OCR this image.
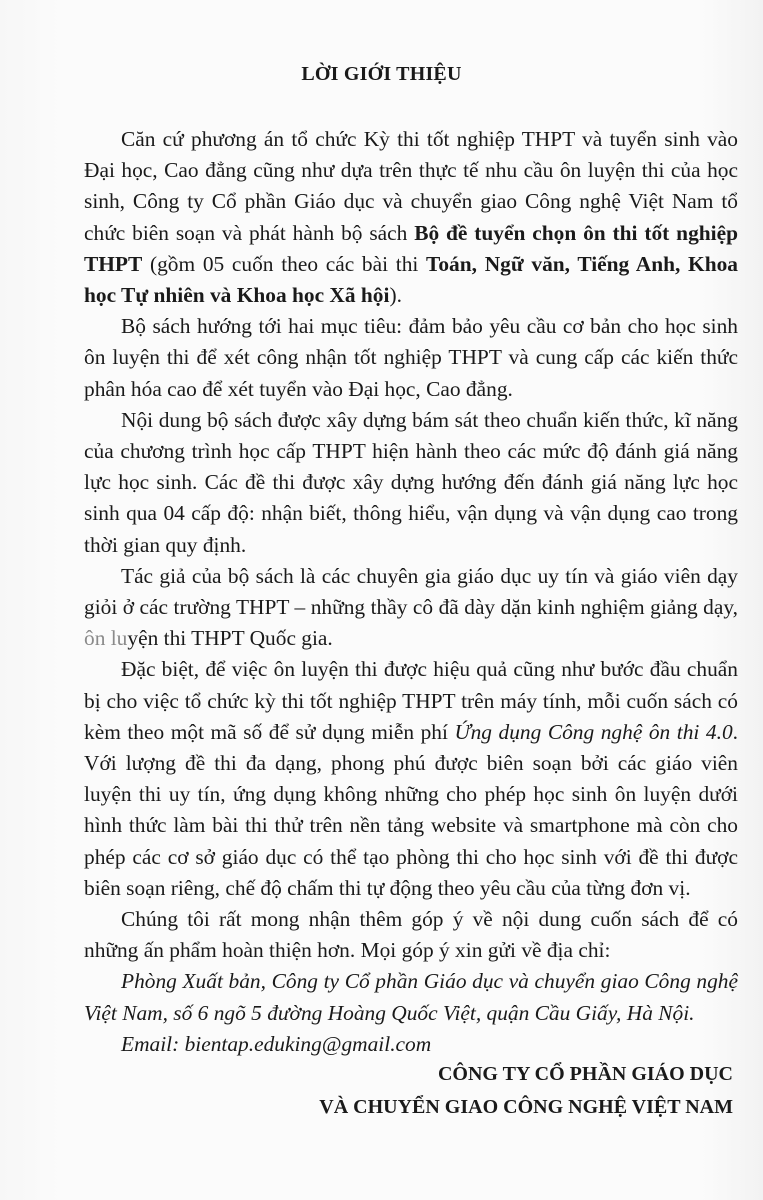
LỜI GIỚI THIỆU

Căn cứ phương án tổ chức Kỳ thi tốt nghiệp THPT và tuyển sinh vào Đại học, Cao đẳng cũng như dựa trên thực tế nhu cầu ôn luyện thi của học sinh, Công ty Cổ phần Giáo dục và chuyển giao Công nghệ Việt Nam tổ chức biên soạn và phát hành bộ sách Bộ đề tuyển chọn ôn thi tốt nghiệp THPT (gồm 05 cuốn theo các bài thi Toán, Ngữ văn, Tiếng Anh, Khoa học Tự nhiên và Khoa học Xã hội).

Bộ sách hướng tới hai mục tiêu: đảm bảo yêu cầu cơ bản cho học sinh ôn luyện thi để xét công nhận tốt nghiệp THPT và cung cấp các kiến thức phân hóa cao để xét tuyển vào Đại học, Cao đẳng.

Nội dung bộ sách được xây dựng bám sát theo chuẩn kiến thức, kĩ năng của chương trình học cấp THPT hiện hành theo các mức độ đánh giá năng lực học sinh. Các đề thi được xây dựng hướng đến đánh giá năng lực học sinh qua 04 cấp độ: nhận biết, thông hiểu, vận dụng và vận dụng cao trong thời gian quy định.

Tác giả của bộ sách là các chuyên gia giáo dục uy tín và giáo viên dạy giỏi ở các trường THPT – những thầy cô đã dày dặn kinh nghiệm giảng dạy, ôn luyện thi THPT Quốc gia.

Đặc biệt, để việc ôn luyện thi được hiệu quả cũng như bước đầu chuẩn bị cho việc tổ chức kỳ thi tốt nghiệp THPT trên máy tính, mỗi cuốn sách có kèm theo một mã số để sử dụng miễn phí Ứng dụng Công nghệ ôn thi 4.0. Với lượng đề thi đa dạng, phong phú được biên soạn bởi các giáo viên luyện thi uy tín, ứng dụng không những cho phép học sinh ôn luyện dưới hình thức làm bài thi thử trên nền tảng website và smartphone mà còn cho phép các cơ sở giáo dục có thể tạo phòng thi cho học sinh với đề thi được biên soạn riêng, chế độ chấm thi tự động theo yêu cầu của từng đơn vị.

Chúng tôi rất mong nhận thêm góp ý về nội dung cuốn sách để có những ấn phẩm hoàn thiện hơn. Mọi góp ý xin gửi về địa chỉ:

Phòng Xuất bản, Công ty Cổ phần Giáo dục và chuyển giao Công nghệ Việt Nam, số 6 ngõ 5 đường Hoàng Quốc Việt, quận Cầu Giấy, Hà Nội.

Email: bientap.eduking@gmail.com

CÔNG TY CỔ PHẦN GIÁO DỤC
VÀ CHUYỂN GIAO CÔNG NGHỆ VIỆT NAM
